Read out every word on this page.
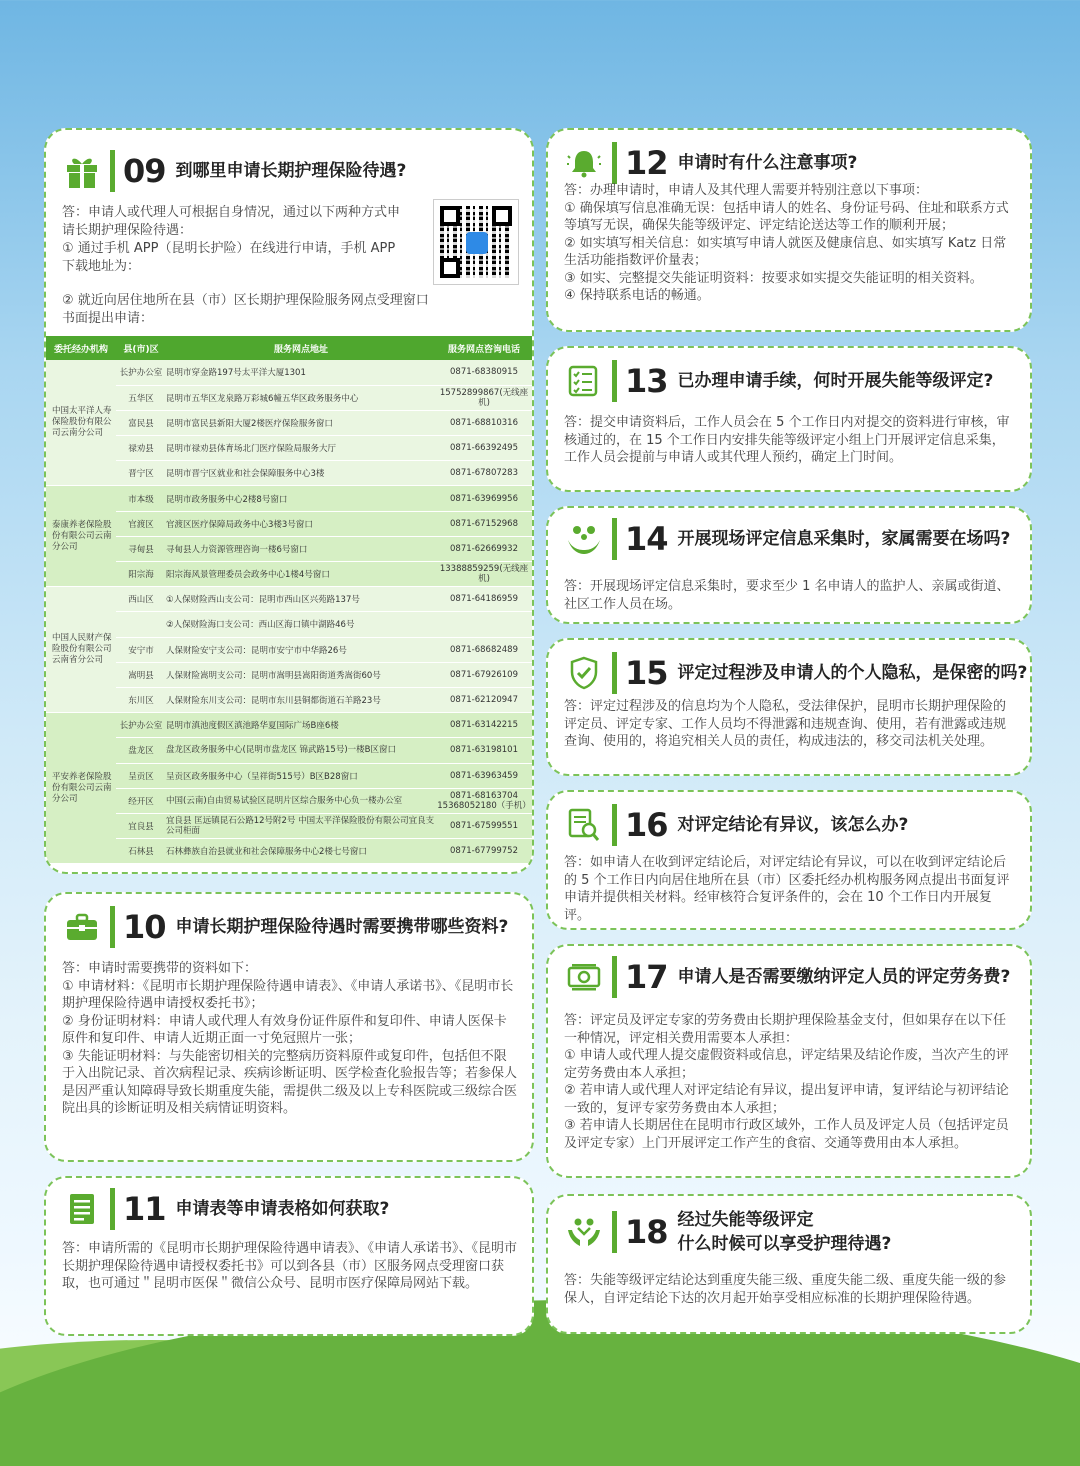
09 到哪里申请长期护理保险待遇?

答：申请人或代理人可根据自身情况，通过以下两种方式申请长期护理保险待遇：

① 通过手机 APP（昆明长护险）在线进行申请，手机 APP 下载地址为：

② 就近向居住地所在县（市）区长期护理保险服务网点受理窗口书面提出申请：

委托经办机构	县(市)区	服务网点地址	服务网点咨询电话
中国太平洋人寿保险股份有限公司云南分公司	长护办公室	昆明市穿金路197号太平洋大厦1301	0871-68380915
	五华区	昆明市五华区龙泉路万彩城6幢五华区政务服务中心	15752899867(无线座机)
	富民县	昆明市富民县新阳大厦2楼医疗保险服务窗口	0871-68810316
	禄劝县	昆明市禄劝县体育场北门医疗保险局服务大厅	0871-66392495
	晋宁区	昆明市晋宁区就业和社会保障服务中心3楼	0871-67807283
泰康养老保险股份有限公司云南分公司	市本级	昆明市政务服务中心2楼8号窗口	0871-63969956
	官渡区	官渡区医疗保障局政务中心3楼3号窗口	0871-67152968
	寻甸县	寻甸县人力资源管理咨询一楼6号窗口	0871-62669932
	阳宗海	阳宗海风景管理委员会政务中心1楼4号窗口	13388859259(无线座机)
中国人民财产保险股份有限公司云南省分公司	西山区	①人保财险西山支公司：昆明市西山区兴苑路137号	0871-64186959
		②人保财险海口支公司：西山区海口镇中湖路46号	
	安宁市	人保财险安宁支公司：昆明市安宁市中华路26号	0871-68682489
	嵩明县	人保财险嵩明支公司：昆明市嵩明县嵩阳街道秀嵩街60号	0871-67926109
	东川区	人保财险东川支公司：昆明市东川县铜都街道石羊路23号	0871-62120947
平安养老保险股份有限公司云南分公司	长护办公室	昆明市滇池度假区滇池路华夏国际广场B座6楼	0871-63142215
	盘龙区	盘龙区政务服务中心(昆明市盘龙区 锦武路15号)一楼B区窗口	0871-63198101
	呈贡区	呈贡区政务服务中心（呈祥街515号）B区B28窗口	0871-63963459
	经开区	中国(云南)自由贸易试验区昆明片区综合服务中心负一楼办公室	0871-68163704 15368052180（手机）
	宜良县	宜良县 匡远镇昆石公路12号附2号 中国太平洋保险股份有限公司宜良支公司柜面	0871-67599551
	石林县	石林彝族自治县就业和社会保障服务中心2楼七号窗口	0871-67799752
10 申请长期护理保险待遇时需要携带哪些资料?
答：申请时需要携带的资料如下：
① 申请材料：《昆明市长期护理保险待遇申请表》、《申请人承诺书》、《昆明市长期护理保险待遇申请授权委托书》；
② 身份证明材料：申请人或代理人有效身份证件原件和复印件、申请人医保卡原件和复印件、申请人近期正面一寸免冠照片一张；
③ 失能证明材料：与失能密切相关的完整病历资料原件或复印件，包括但不限于入出院记录、首次病程记录、疾病诊断证明、医学检查化验报告等；若参保人是因严重认知障碍导致长期重度失能，需提供二级及以上专科医院或三级综合医院出具的诊断证明及相关病情证明资料。
11 申请表等申请表格如何获取?
答：申请所需的《昆明市长期护理保险待遇申请表》、《申请人承诺书》、《昆明市长期护理保险待遇申请授权委托书》可以到各县（市）区服务网点受理窗口获取，也可通过＂昆明市医保＂微信公众号、昆明市医疗保障局网站下载。
12 申请时有什么注意事项?
答：办理申请时，申请人及其代理人需要并特别注意以下事项：
① 确保填写信息准确无误：包括申请人的姓名、身份证号码、住址和联系方式等填写无误，确保失能等级评定、评定结论送达等工作的顺利开展；
② 如实填写相关信息：如实填写申请人就医及健康信息、如实填写 Katz 日常生活功能指数评价量表；
③ 如实、完整提交失能证明资料：按要求如实提交失能证明的相关资料。
④ 保持联系电话的畅通。
13 已办理申请手续，何时开展失能等级评定?
答：提交申请资料后，工作人员会在 5 个工作日内对提交的资料进行审核，审核通过的，在 15 个工作日内安排失能等级评定小组上门开展评定信息采集，工作人员会提前与申请人或其代理人预约，确定上门时间。
14 开展现场评定信息采集时，家属需要在场吗?
答：开展现场评定信息采集时，要求至少 1 名申请人的监护人、亲属或街道、社区工作人员在场。
15 评定过程涉及申请人的个人隐私，是保密的吗?
答：评定过程涉及的信息均为个人隐私，受法律保护，昆明市长期护理保险的评定员、评定专家、工作人员均不得泄露和违规查询、使用，若有泄露或违规查询、使用的，将追究相关人员的责任，构成违法的，移交司法机关处理。
16 对评定结论有异议，该怎么办?
答：如申请人在收到评定结论后，对评定结论有异议，可以在收到评定结论后的 5 个工作日内向居住地所在县（市）区委托经办机构服务网点提出书面复评申请并提供相关材料。经审核符合复评条件的，会在 10 个工作日内开展复评。
17 申请人是否需要缴纳评定人员的评定劳务费?
答：评定员及评定专家的劳务费由长期护理保险基金支付，但如果存在以下任一种情况，评定相关费用需要本人承担：
① 申请人或代理人提交虚假资料或信息，评定结果及结论作废，当次产生的评定劳务费由本人承担；
② 若申请人或代理人对评定结论有异议，提出复评申请，复评结论与初评结论一致的，复评专家劳务费由本人承担；
③ 若申请人长期居住在昆明市行政区域外，工作人员及评定人员（包括评定员及评定专家）上门开展评定工作产生的食宿、交通等费用由本人承担。
18 经过失能等级评定
什么时候可以享受护理待遇?
答：失能等级评定结论达到重度失能三级、重度失能二级、重度失能一级的参保人，自评定结论下达的次月起开始享受相应标准的长期护理保险待遇。
